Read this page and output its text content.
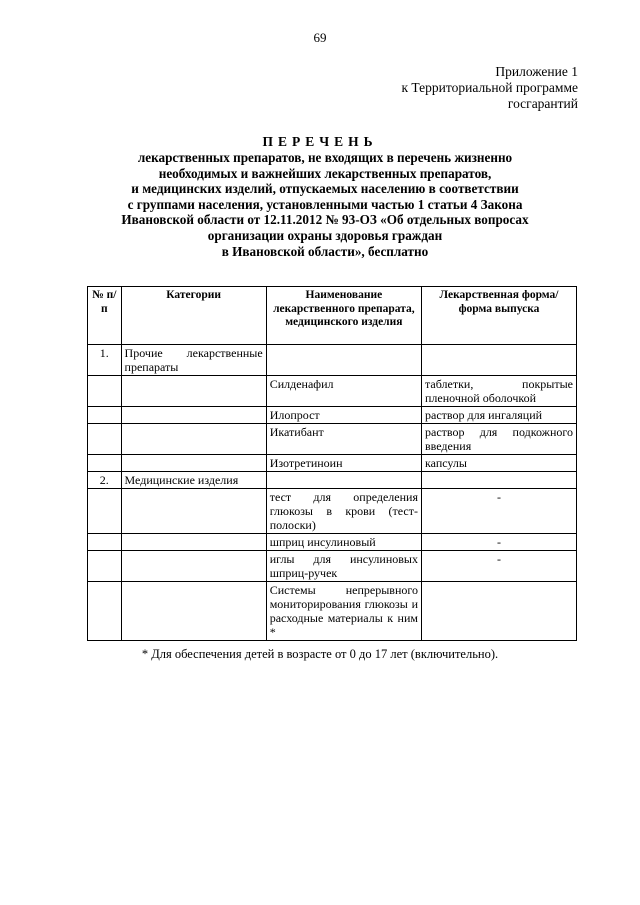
69
Приложение 1
к Территориальной программе
госгарантий
ПЕРЕЧЕНЬ
лекарственных препаратов, не входящих в перечень жизненно
необходимых и важнейших лекарственных препаратов,
и медицинских изделий, отпускаемых населению в соответствии
с группами населения, установленными частью 1 статьи 4 Закона
Ивановской области от 12.11.2012 № 93-ОЗ «Об отдельных вопросах
организации охраны здоровья граждан
в Ивановской области», бесплатно
№ п/п	Категории	Наименование лекарственного препарата, медицинского изделия	Лекарственная форма/форма выпуска
1.	Прочие лекарственные препараты		
		Силденафил	таблетки, покрытые пленочной оболочкой
		Илопрост	раствор для ингаляций
		Икатибант	раствор для подкожного введения
		Изотретиноин	капсулы
2.	Медицинские изделия		
		тест для определения глюкозы в крови (тест-полоски)	-
		шприц инсулиновый	-
		иглы для инсулиновых шприц-ручек	-
		Системы непрерывного мониторирования глюкозы и расходные материалы к ним *	
* Для обеспечения детей в возрасте от 0 до 17 лет (включительно).
